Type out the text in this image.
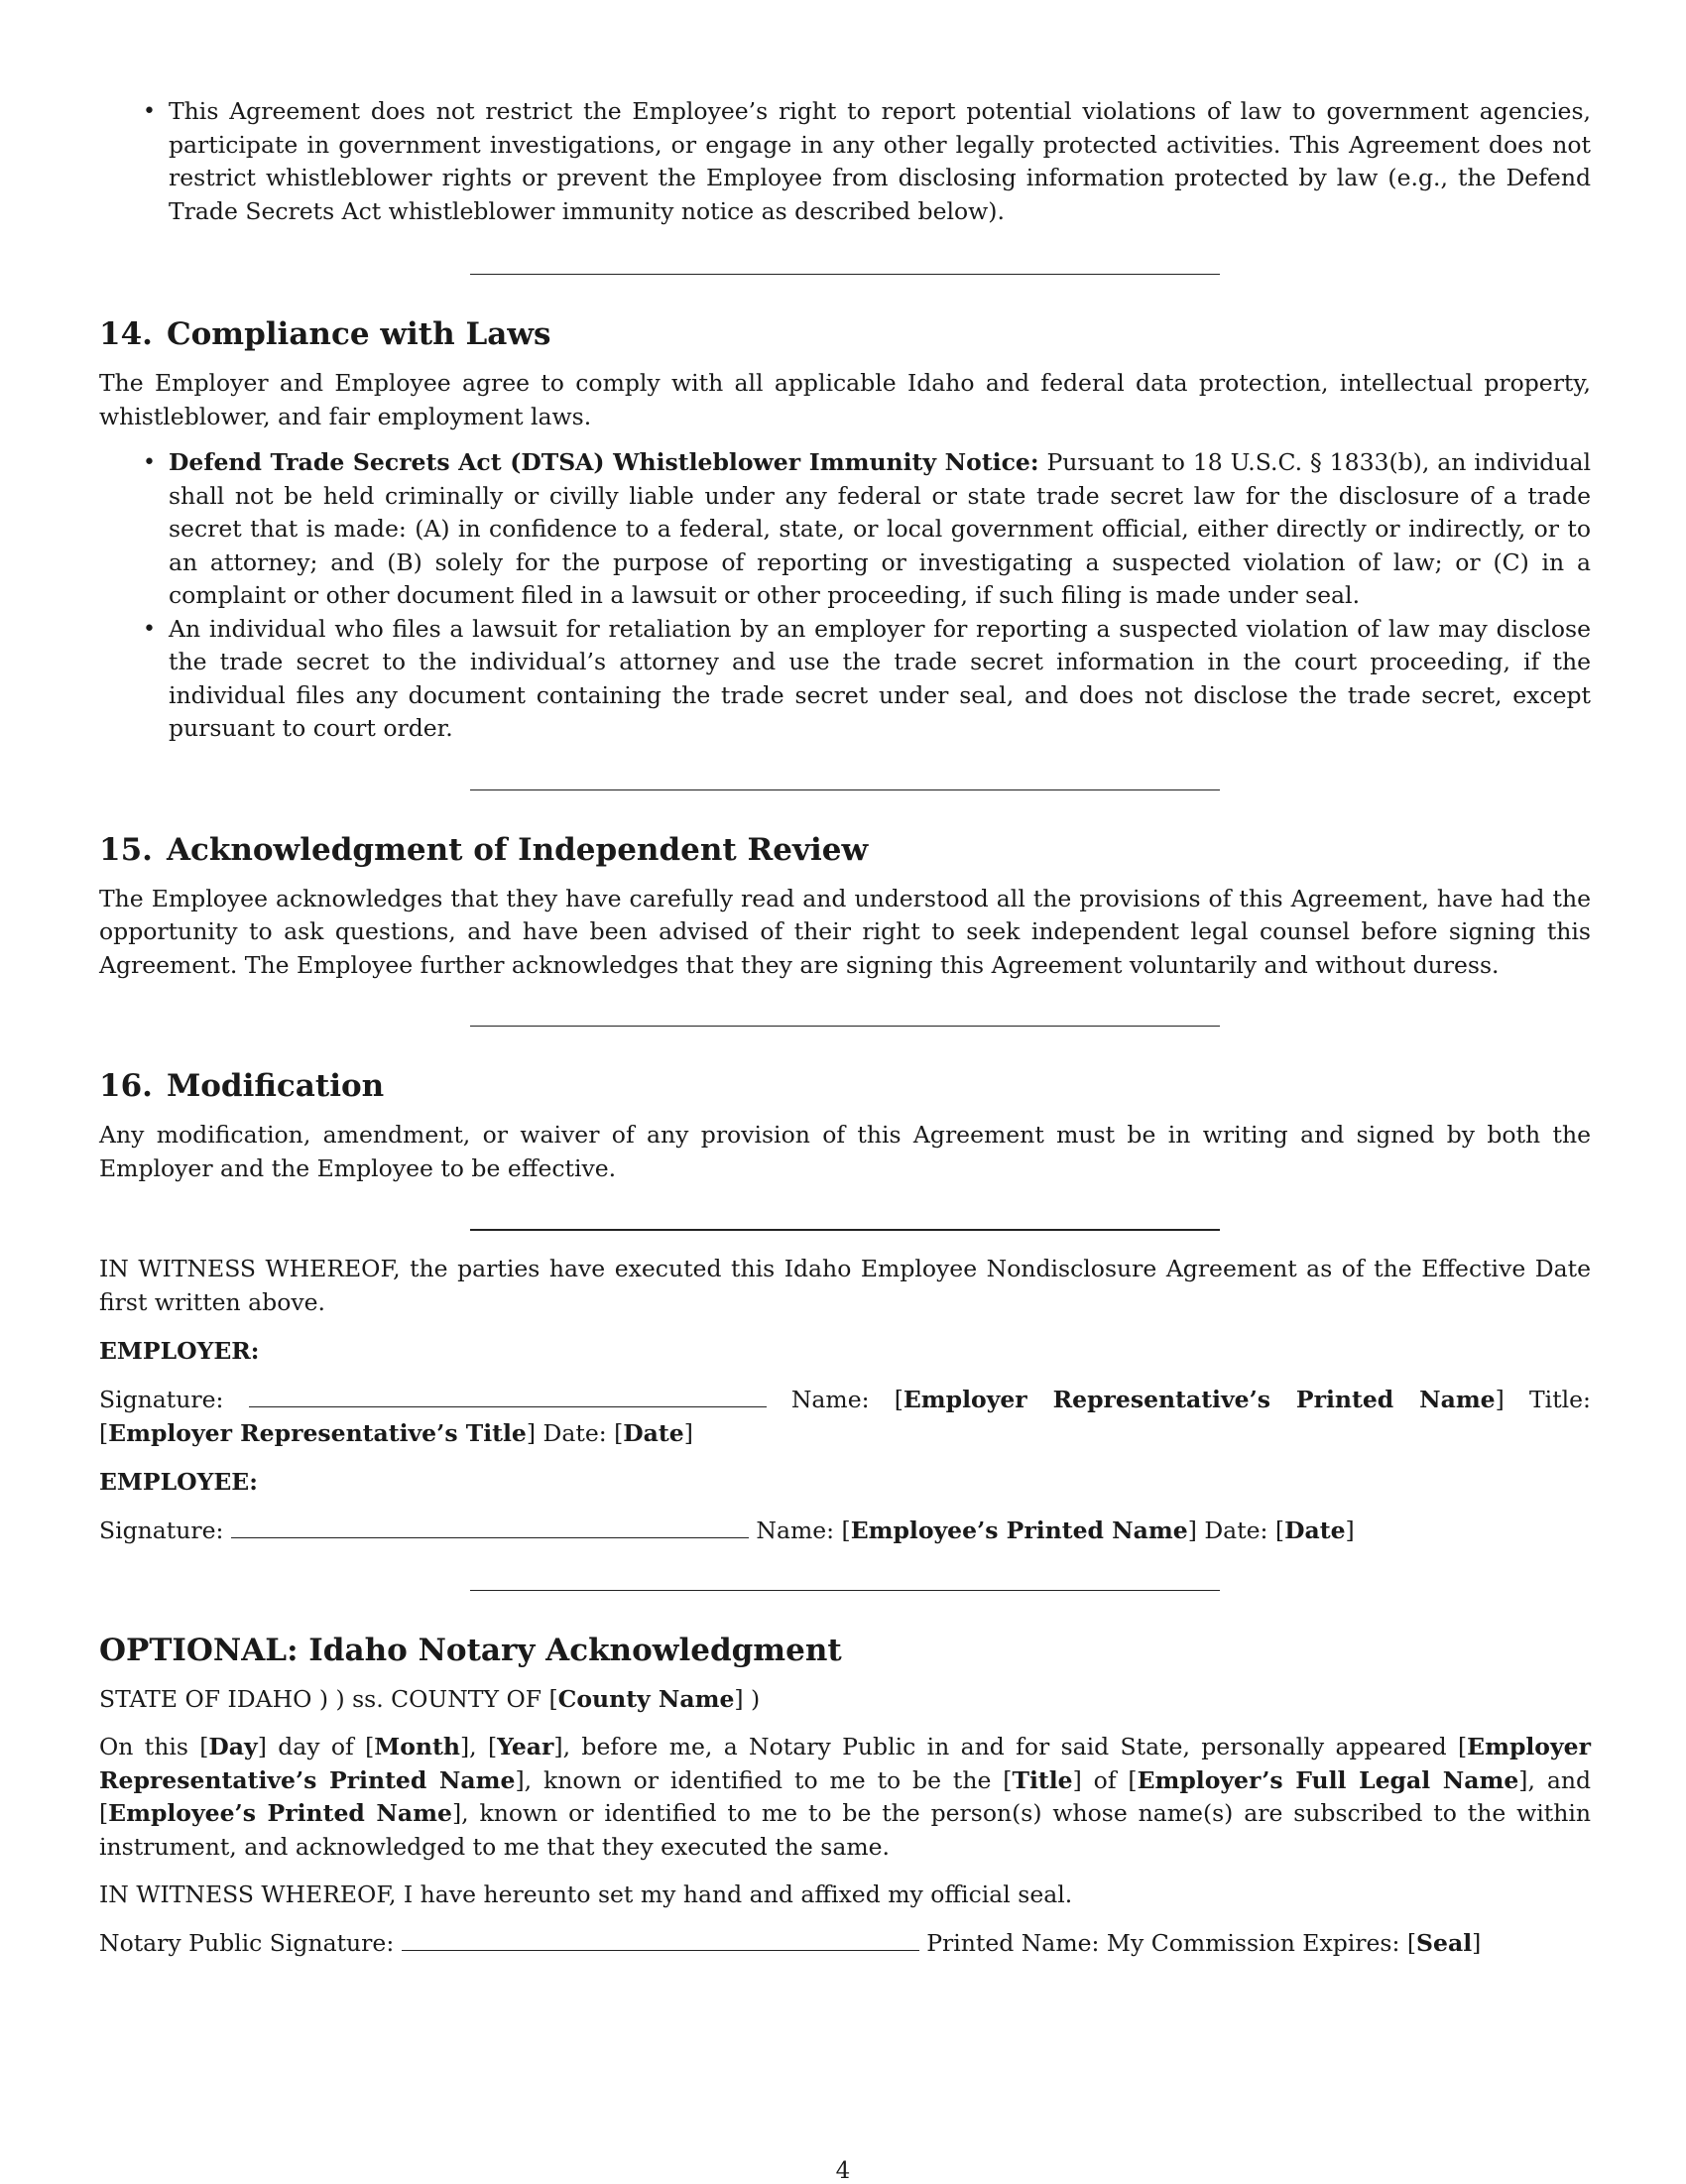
• This Agreement does not restrict the Employee’s right to report potential violations of law to government agencies, participate in government investigations, or engage in any other legally protected activities. This Agreement does not restrict whistleblower rights or prevent the Employee from disclosing information protected by law (e.g., the Defend Trade Secrets Act whistleblower immunity notice as described below).
14. Compliance with Laws

The Employer and Employee agree to comply with all applicable Idaho and federal data protection, intellectual property, whistleblower, and fair employment laws.

• Defend Trade Secrets Act (DTSA) Whistleblower Immunity Notice: Pursuant to 18 U.S.C. § 1833(b), an individual shall not be held criminally or civilly liable under any federal or state trade secret law for the disclosure of a trade secret that is made: (A) in confidence to a federal, state, or local government official, either directly or indirectly, or to an attorney; and (B) solely for the purpose of reporting or investigating a suspected violation of law; or (C) in a complaint or other document filed in a lawsuit or other proceeding, if such filing is made under seal.
• An individual who files a lawsuit for retaliation by an employer for reporting a suspected violation of law may disclose the trade secret to the individual’s attorney and use the trade secret information in the court proceeding, if the individual files any document containing the trade secret under seal, and does not disclose the trade secret, except pursuant to court order.
15. Acknowledgment of Independent Review

The Employee acknowledges that they have carefully read and understood all the provisions of this Agreement, have had the opportunity to ask questions, and have been advised of their right to seek independent legal counsel before signing this Agreement. The Employee further acknowledges that they are signing this Agreement voluntarily and without duress.

16. Modification

Any modification, amendment, or waiver of any provision of this Agreement must be in writing and signed by both the Employer and the Employee to be effective.

IN WITNESS WHEREOF, the parties have executed this Idaho Employee Nondisclosure Agreement as of the Effective Date first written above.

EMPLOYER:

Signature:	Name: [Employer Representative’s Printed Name] Title: [Employer Representative’s Title] Date: [Date]

EMPLOYEE:

Signature:	Name: [Employee’s Printed Name] Date: [Date]

OPTIONAL: Idaho Notary Acknowledgment

STATE OF IDAHO ) ) ss. COUNTY OF [County Name] )

On this [Day] day of [Month], [Year], before me, a Notary Public in and for said State, personally appeared [Employer Representative’s Printed Name], known or identified to me to be the [Title] of [Employer’s Full Legal Name], and [Employee’s Printed Name], known or identified to me to be the person(s) whose name(s) are subscribed to the within instrument, and acknowledged to me that they executed the same.

IN WITNESS WHEREOF, I have hereunto set my hand and affixed my official seal.

Notary Public Signature:	Printed Name: My Commission Expires: [Seal]

4
